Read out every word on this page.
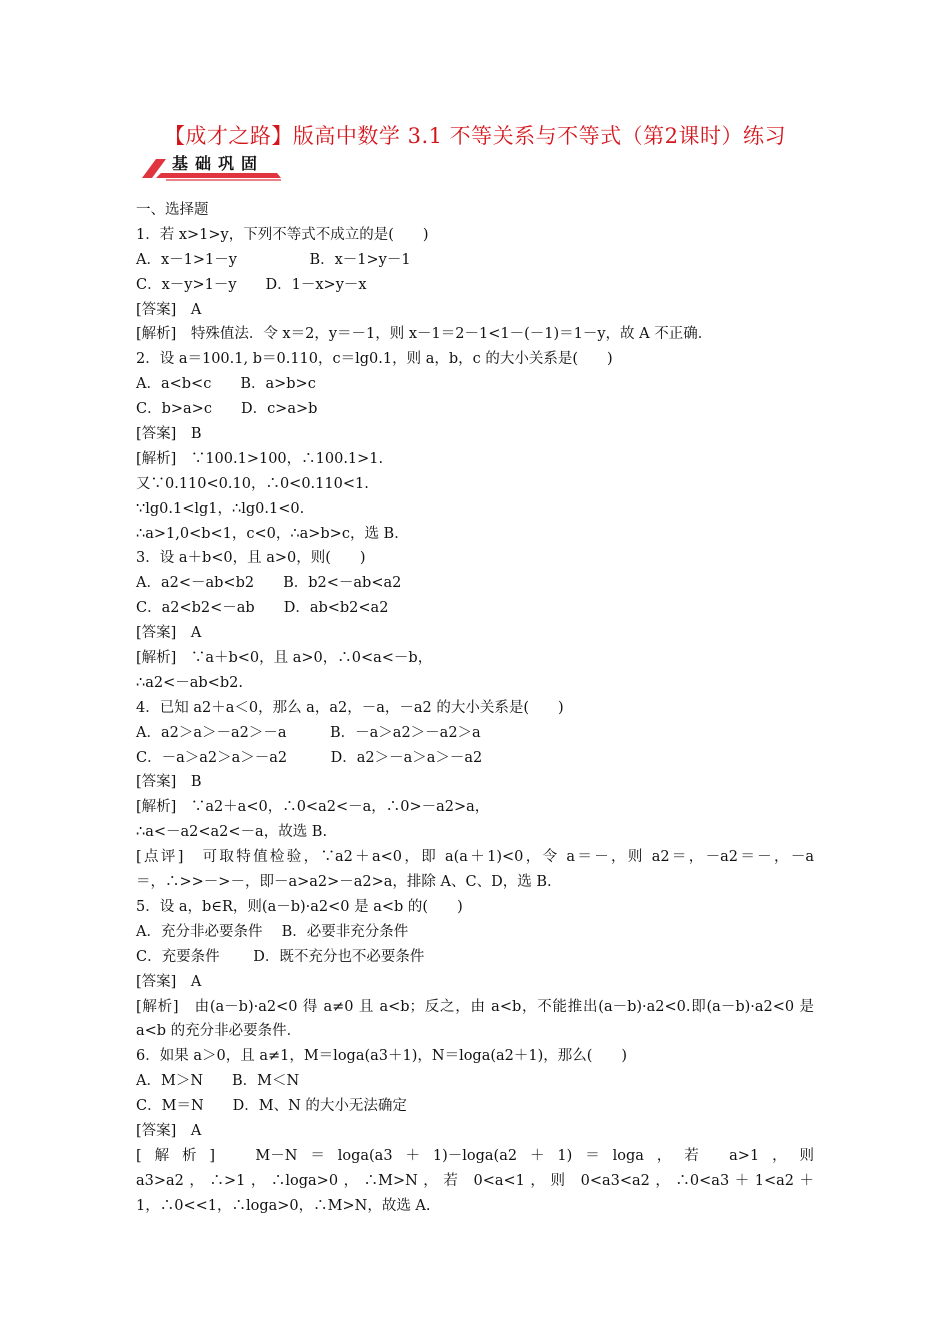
【成才之路】版高中数学 3.1 不等关系与不等式（第2课时）练习
基础巩固
一、选择题
1．若 x>1>y，下列不等式不成立的是(　　)
A．x－1>1－y　　　　　B．x－1>y－1
C．x－y>1－y　　D．1－x>y－x
[答案]　A
[解析]　特殊值法．令 x＝2，y＝－1，则 x－1＝2－1<1－(－1)＝1－y，故 A 不正确．
2．设 a＝100.1, b＝0.110，c＝lg0.1，则 a，b，c 的大小关系是(　　)
A．a<b<c　　B．a>b>c
C．b>a>c　　D．c>a>b
[答案]　B
[解析]　∵100.1>100，∴100.1>1.
又∵0.110<0.10，∴0<0.110<1.
∵lg0.1<lg1，∴lg0.1<0.
∴a>1,0<b<1，c<0，∴a>b>c，选 B．
3．设 a＋b<0，且 a>0，则(　　)
A．a2<－ab<b2　　B．b2<－ab<a2
C．a2<b2<－ab　　D．ab<b2<a2
[答案]　A
[解析]　∵a＋b<0，且 a>0，∴0<a<－b，
∴a2<－ab<b2.
4．已知 a2＋a＜0，那么 a，a2，－a，－a2 的大小关系是(　　)
A．a2＞a＞－a2＞－a　　　B．－a＞a2＞－a2＞a
C．－a＞a2＞a＞－a2　　　D．a2＞－a＞a＞－a2
[答案]　B
[解析]　∵a2＋a<0，∴0<a2<－a，∴0>－a2>a，
∴a<－a2<a2<－a，故选 B.
[点评]　可取特值检验，∵a2＋a<0，即 a(a＋1)<0，令 a＝－，则 a2＝，－a2＝－，－a
＝，∴>>－>－，即－a>a2>－a2>a，排除 A、C、D，选 B.
5．设 a，b∈R，则(a－b)·a2<0 是 a<b 的(　　)
A．充分非必要条件　 B．必要非充分条件
C．充要条件　　 D．既不充分也不必要条件
[答案]　A
[解析]　由(a－b)·a2<0 得 a≠0 且 a<b；反之，由 a<b，不能推出(a－b)·a2<0.即(a－b)·a2<0 是
a<b 的充分非必要条件．
6．如果 a＞0，且 a≠1，M＝loga(a3＋1)，N＝loga(a2＋1)，那么(　　)
A．M＞N　　B．M＜N
C．M＝N　　D．M、N 的大小无法确定
[答案]　A
[解析]　M－N＝loga(a3＋1)－loga(a2＋1)＝loga，若 a>1，则
a3>a2，∴>1，∴loga>0，∴M>N，若 0<a<1，则 0<a3<a2，∴0<a3＋1<a2＋
1，∴0<<1，∴loga>0，∴M>N，故选 A.
